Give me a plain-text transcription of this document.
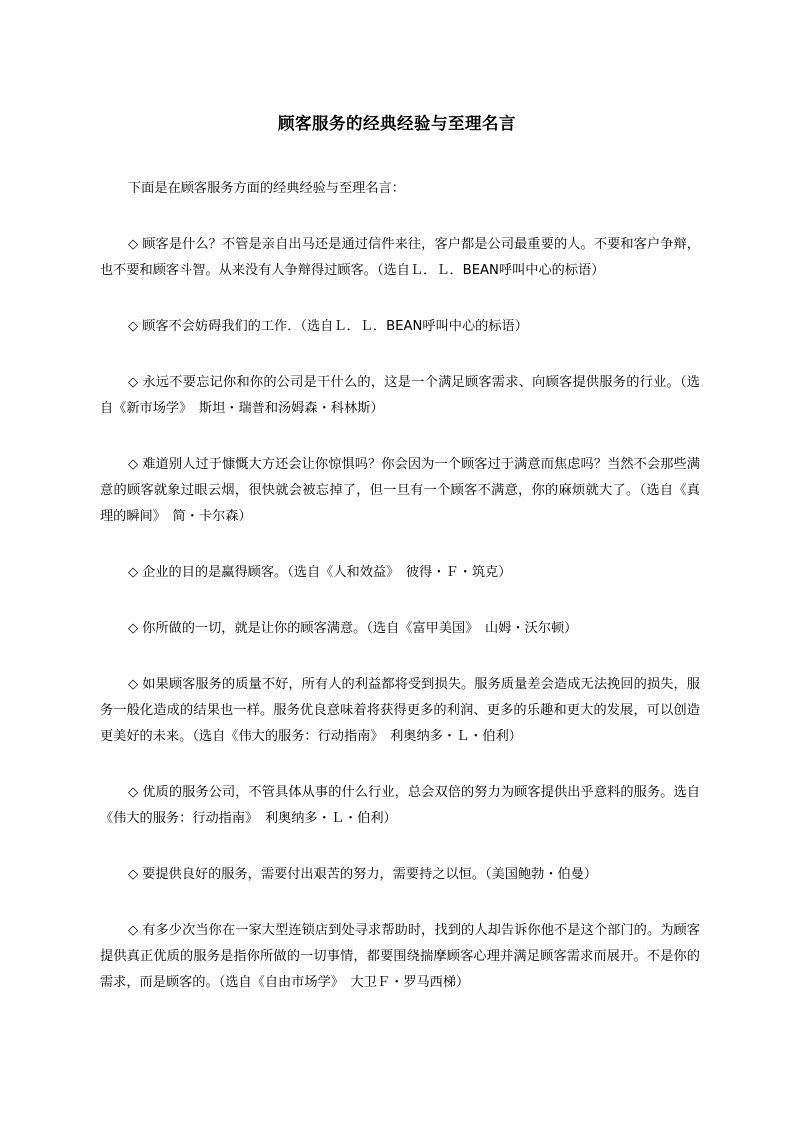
顾客服务的经典经验与至理名言

下面是在顾客服务方面的经典经验与至理名言：

◇ 顾客是什么？不管是亲自出马还是通过信件来往，客户都是公司最重要的人。不要和客户争辩，也不要和顾客斗智。从来没有人争辩得过顾客。（选自Ｌ．Ｌ．BEAN呼叫中心的标语）

◇ 顾客不会妨碍我们的工作．（选自Ｌ．Ｌ．BEAN呼叫中心的标语）

◇ 永远不要忘记你和你的公司是干什么的，这是一个满足顾客需求、向顾客提供服务的行业。（选自《新市场学》　斯坦・瑞普和汤姆森・科林斯）

◇ 难道别人过于慷慨大方还会让你惊惧吗？你会因为一个顾客过于满意而焦虑吗？当然不会那些满意的顾客就象过眼云烟，很快就会被忘掉了，但一旦有一个顾客不满意，你的麻烦就大了。（选自《真理的瞬间》　简・卡尔森）

◇ 企业的目的是赢得顾客。（选自《人和效益》　彼得・Ｆ・筑克）

◇ 你所做的一切，就是让你的顾客满意。（选自《富甲美国》　山姆・沃尔顿）

◇ 如果顾客服务的质量不好，所有人的利益都将受到损失。服务质量差会造成无法挽回的损失，服务一般化造成的结果也一样。服务优良意味着将获得更多的利润、更多的乐趣和更大的发展，可以创造更美好的未来。（选自《伟大的服务：行动指南》　利奥纳多・Ｌ・伯利）

◇ 优质的服务公司，不管具体从事的什么行业，总会双倍的努力为顾客提供出乎意料的服务。选自《伟大的服务：行动指南》　利奥纳多・Ｌ・伯利）

◇ 要提供良好的服务，需要付出艰苦的努力，需要持之以恒。（美国鲍勃・伯曼）

◇ 有多少次当你在一家大型连锁店到处寻求帮助时，找到的人却告诉你他不是这个部门的。为顾客提供真正优质的服务是指你所做的一切事情，都要围绕揣摩顾客心理并满足顾客需求而展开。不是你的需求，而是顾客的。（选自《自由市场学》　大卫Ｆ・罗马西梯）
